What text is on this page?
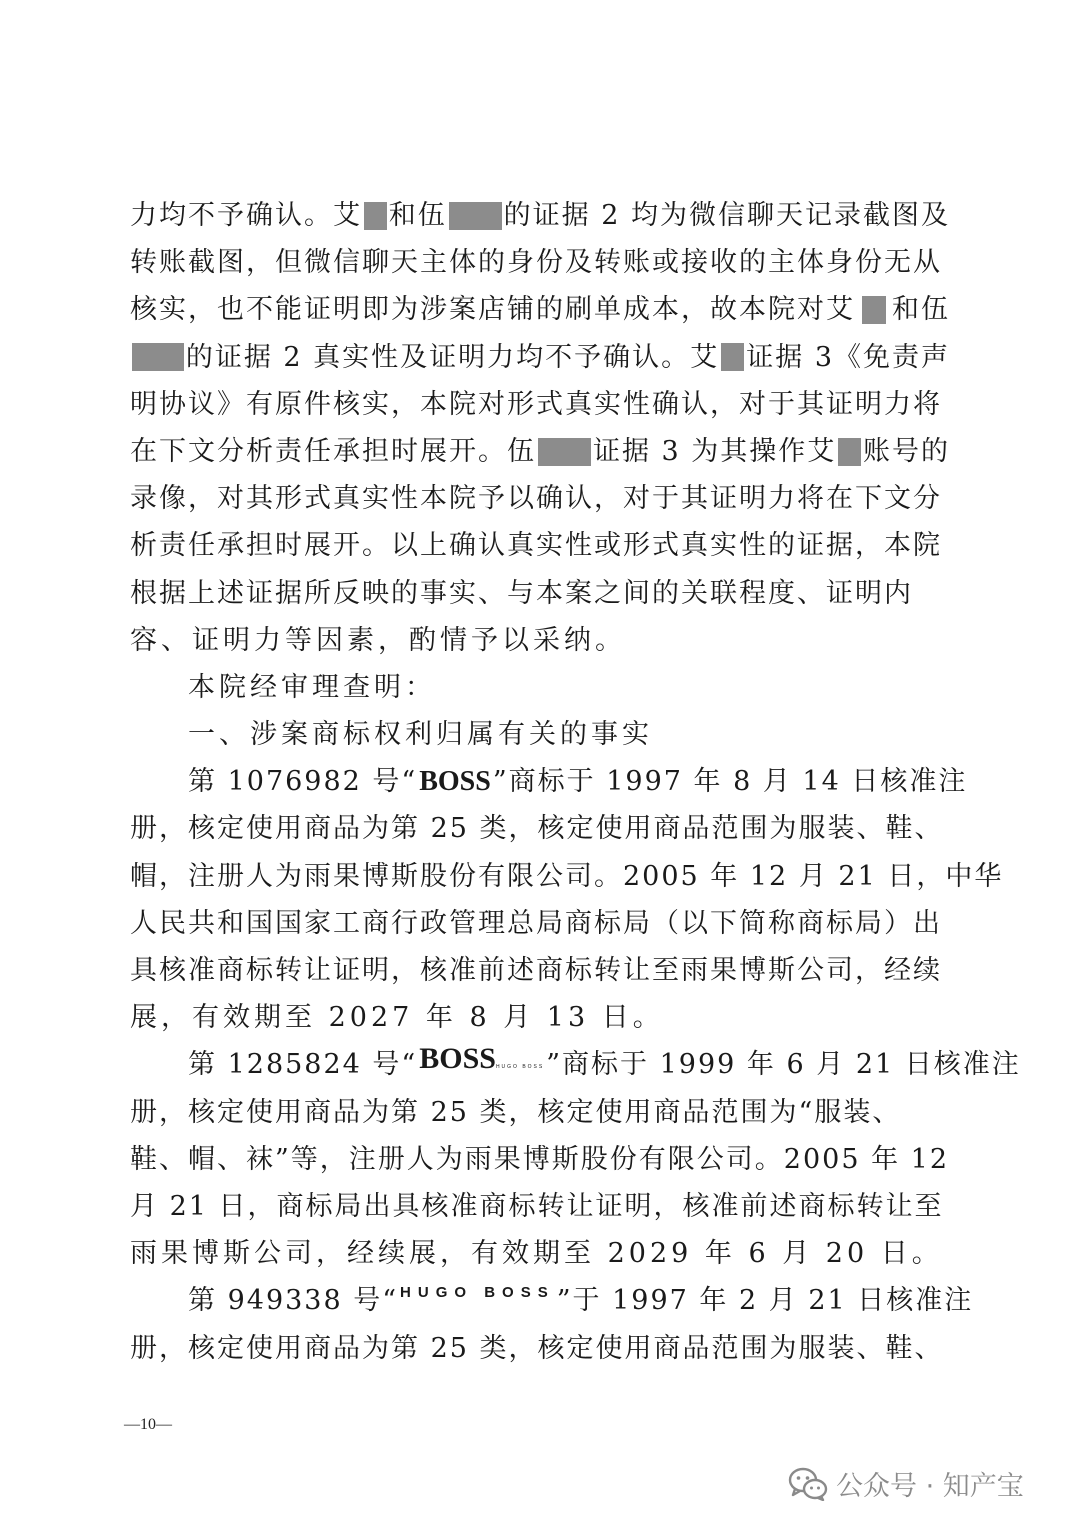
力均不予确认。艾 和伍 的证据 2 均为微信聊天记录截图及
转账截图，但微信聊天主体的身份及转账或接收的主体身份无从
核实，也不能证明即为涉案店铺的刷单成本，故本院对艾 和伍
的证据 2 真实性及证明力均不予确认。艾 证据 3《免责声
明协议》有原件核实，本院对形式真实性确认，对于其证明力将
在下文分析责任承担时展开。伍 证据 3 为其操作艾 账号的
录像，对其形式真实性本院予以确认，对于其证明力将在下文分
析责任承担时展开。以上确认真实性或形式真实性的证据，本院
根据上述证据所反映的事实、与本案之间的关联程度、证明内
容、证明力等因素，酌情予以采纳。
本院经审理查明：
一、涉案商标权利归属有关的事实
第 1076982 号“ BOSS ”商标于 1997 年 8 月 14 日核准注
册，核定使用商品为第 25 类，核定使用商品范围为服装、鞋、
帽，注册人为雨果博斯股份有限公司。2005 年 12 月 21 日，中华
人民共和国国家工商行政管理总局商标局（以下简称商标局）出
具核准商标转让证明，核准前述商标转让至雨果博斯公司，经续
展，有效期至 2027 年 8 月 13 日。
第 1285824 号“ BOSSHUGO BOSS ”商标于 1999 年 6 月 21 日核准注
册，核定使用商品为第 25 类，核定使用商品范围为“服装、
鞋、帽、袜”等，注册人为雨果博斯股份有限公司。2005 年 12
月 21 日，商标局出具核准商标转让证明，核准前述商标转让至
雨果博斯公司，经续展，有效期至 2029 年 6 月 20 日。
第 949338 号“ HUGO BOSS ”于 1997 年 2 月 21 日核准注
册，核定使用商品为第 25 类，核定使用商品范围为服装、鞋、
—10—
公众号 · 知产宝
